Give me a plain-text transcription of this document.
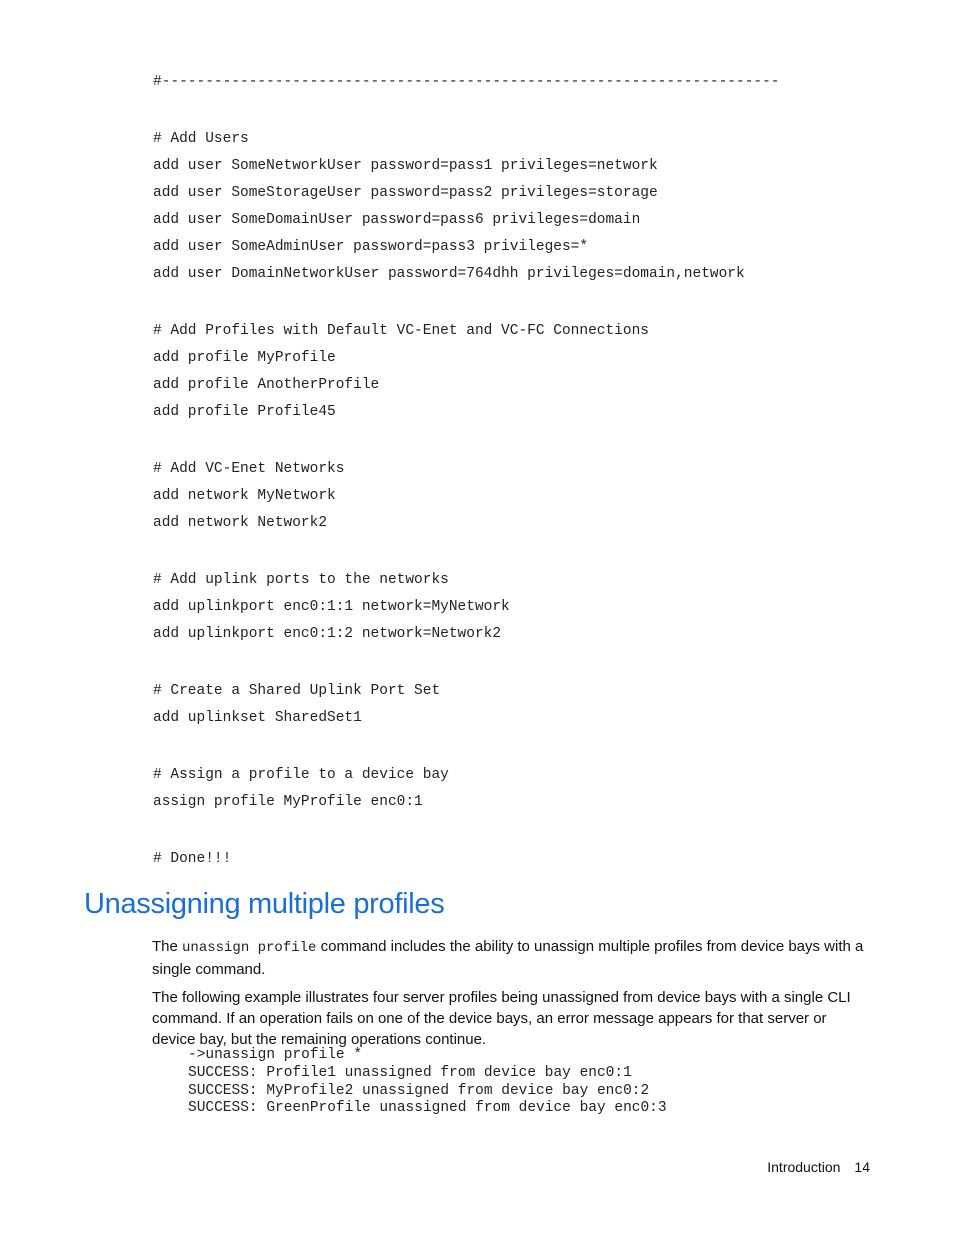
#-----------------------------------------------------------------------
# Add Users
add user SomeNetworkUser password=pass1 privileges=network
add user SomeStorageUser password=pass2 privileges=storage
add user SomeDomainUser password=pass6 privileges=domain
add user SomeAdminUser password=pass3 privileges=*
add user DomainNetworkUser password=764dhh privileges=domain,network
# Add Profiles with Default VC-Enet and VC-FC Connections
add profile MyProfile
add profile AnotherProfile
add profile Profile45
# Add VC-Enet Networks
add network MyNetwork
add network Network2
# Add uplink ports to the networks
add uplinkport enc0:1:1 network=MyNetwork
add uplinkport enc0:1:2 network=Network2
# Create a Shared Uplink Port Set
add uplinkset SharedSet1
# Assign a profile to a device bay
assign profile MyProfile enc0:1
# Done!!!
Unassigning multiple profiles

The unassign profile command includes the ability to unassign multiple profiles from device bays with a single command.

The following example illustrates four server profiles being unassigned from device bays with a single CLI command. If an operation fails on one of the device bays, an error message appears for that server or device bay, but the remaining operations continue.

->unassign profile *
SUCCESS: Profile1 unassigned from device bay enc0:1
SUCCESS: MyProfile2 unassigned from device bay enc0:2
SUCCESS: GreenProfile unassigned from device bay enc0:3
Introduction 14
